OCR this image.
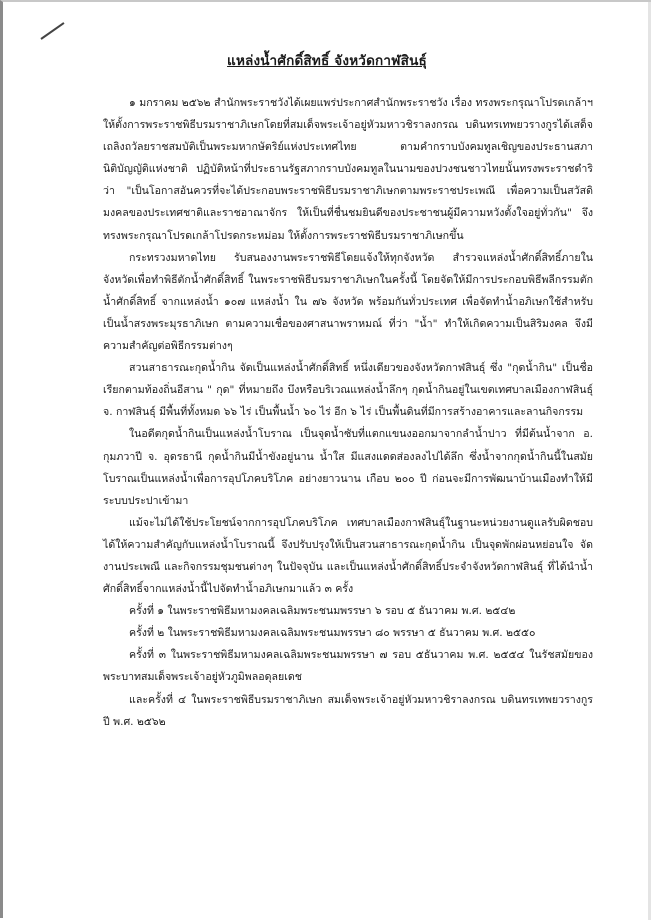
แหล่งน้ำศักดิ์สิทธิ์ จังหวัดกาฬสินธุ์

๑ มกราคม ๒๕๖๒ สำนักพระราชวังได้เผยแพร่ประกาศสำนักพระราชวัง เรื่อง ทรงพระกรุณาโปรดเกล้าฯ ให้ตั้งการพระราชพิธีบรมราชาภิเษกโดยที่สมเด็จพระเจ้าอยู่หัวมหาวชิราลงกรณ บดินทรเทพยวรางกูรได้เสด็จ เถลิงถวัลยราชสมบัติเป็นพระมหากษัตริย์แห่งประเทศไทย ตามคำกราบบังคมทูลเชิญของประธานสภานิติบัญญัติแห่งชาติ ปฏิบัติหน้าที่ประธานรัฐสภากราบบังคมทูลในนามของปวงชนชาวไทยนั้นทรงพระราชดำริว่า "เป็นโอกาสอันควรที่จะได้ประกอบพระราชพิธีบรมราชาภิเษกตามพระราชประเพณี เพื่อความเป็นสวัสดิมงคลของประเทศชาติและราชอาณาจักร ให้เป็นที่ชื่นชมยินดีของประชาชนผู้มีความหวังตั้งใจอยู่ทั่วกัน" จึงทรงพระกรุณาโปรดเกล้าโปรดกระหม่อม ให้ตั้งการพระราชพิธีบรมราชาภิเษกขึ้น

กระทรวงมหาดไทย รับสนองงานพระราชพิธีโดยแจ้งให้ทุกจังหวัด สำรวจแหล่งน้ำศักดิ์สิทธิ์ภายในจังหวัดเพื่อทำพิธีตักน้ำศักดิ์สิทธิ์ ในพระราชพิธีบรมราชาภิเษกในครั้งนี้ โดยจัดให้มีการประกอบพิธีพลีกรรมตักน้ำศักดิ์สิทธิ์ จากแหล่งน้ำ ๑๐๗ แหล่งน้ำ ใน ๗๖ จังหวัด พร้อมกันทั่วประเทศ เพื่อจัดทำน้ำอภิเษกใช้สำหรับเป็นน้ำสรงพระมุรธาภิเษก ตามความเชื่อของศาสนาพราหมณ์ ที่ว่า "น้ำ" ทำให้เกิดความเป็นสิริมงคล จึงมีความสำคัญต่อพิธีกรรมต่างๆ

สวนสาธารณะกุดน้ำกิน จัดเป็นแหล่งน้ำศักดิ์สิทธิ์ หนึ่งเดียวของจังหวัดกาฬสินธุ์ ซึ่ง "กุดน้ำกิน" เป็นชื่อเรียกตามท้องถิ่นอีสาน " กุด" ที่หมายถึง บึงหรือบริเวณแหล่งน้ำลึกๆ กุดน้ำกินอยู่ในเขตเทศบาลเมืองกาฬสินธุ์ จ. กาฬสินธุ์ มีพื้นที่ทั้งหมด ๖๖ ไร่ เป็นพื้นน้ำ ๖๐ ไร่ อีก ๖ ไร่ เป็นพื้นดินที่มีการสร้างอาคารและลานกิจกรรม

ในอดีตกุดน้ำกินเป็นแหล่งน้ำโบราณ เป็นจุดน้ำซับที่แตกแขนงออกมาจากลำน้ำปาว ที่มีต้นน้ำจาก อ. กุมภวาปี จ. อุดรธานี กุดน้ำกินมีน้ำขังอยู่นาน น้ำใส มีแสงแดดส่องลงไปได้ลึก ซึ่งน้ำจากกุดน้ำกินนี้ในสมัยโบราณเป็นแหล่งน้ำเพื่อการอุปโภคบริโภค อย่างยาวนาน เกือบ ๒๐๐ ปี ก่อนจะมีการพัฒนาบ้านเมืองทำให้มีระบบประปาเข้ามา

แม้จะไม่ได้ใช้ประโยชน์จากการอุปโภคบริโภค เทศบาลเมืองกาฬสินธุ์ในฐานะหน่วยงานดูแลรับผิดชอบได้ให้ความสำคัญกับแหล่งน้ำโบราณนี้ จึงปรับปรุงให้เป็นสวนสาธารณะกุดน้ำกิน เป็นจุดพักผ่อนหย่อนใจ จัดงานประเพณี และกิจกรรมชุมชนต่างๆ ในปัจจุบัน และเป็นแหล่งน้ำศักดิ์สิทธิ์ประจำจังหวัดกาฬสินธุ์ ที่ได้นำน้ำศักดิ์สิทธิ์จากแหล่งน้ำนี้ไปจัดทำน้ำอภิเษกมาแล้ว ๓ ครั้ง

ครั้งที่ ๑ ในพระราชพิธีมหามงคลเฉลิมพระชนมพรรษา ๖ รอบ ๕ ธันวาคม พ.ศ. ๒๕๔๒

ครั้งที่ ๒ ในพระราชพิธีมหามงคลเฉลิมพระชนมพรรษา ๘๐ พรรษา ๕ ธันวาคม พ.ศ. ๒๕๕๐

ครั้งที่ ๓ ในพระราชพิธีมหามงคลเฉลิมพระชนมพรรษา ๗ รอบ ๕ธันวาคม พ.ศ. ๒๕๕๔ ในรัชสมัยของพระบาทสมเด็จพระเจ้าอยู่หัวภูมิพลอดุลยเดช

และครั้งที่ ๔ ในพระราชพิธีบรมราชาภิเษก สมเด็จพระเจ้าอยู่หัวมหาวชิราลงกรณ บดินทรเทพยวรางกูร ปี พ.ศ. ๒๕๖๒
